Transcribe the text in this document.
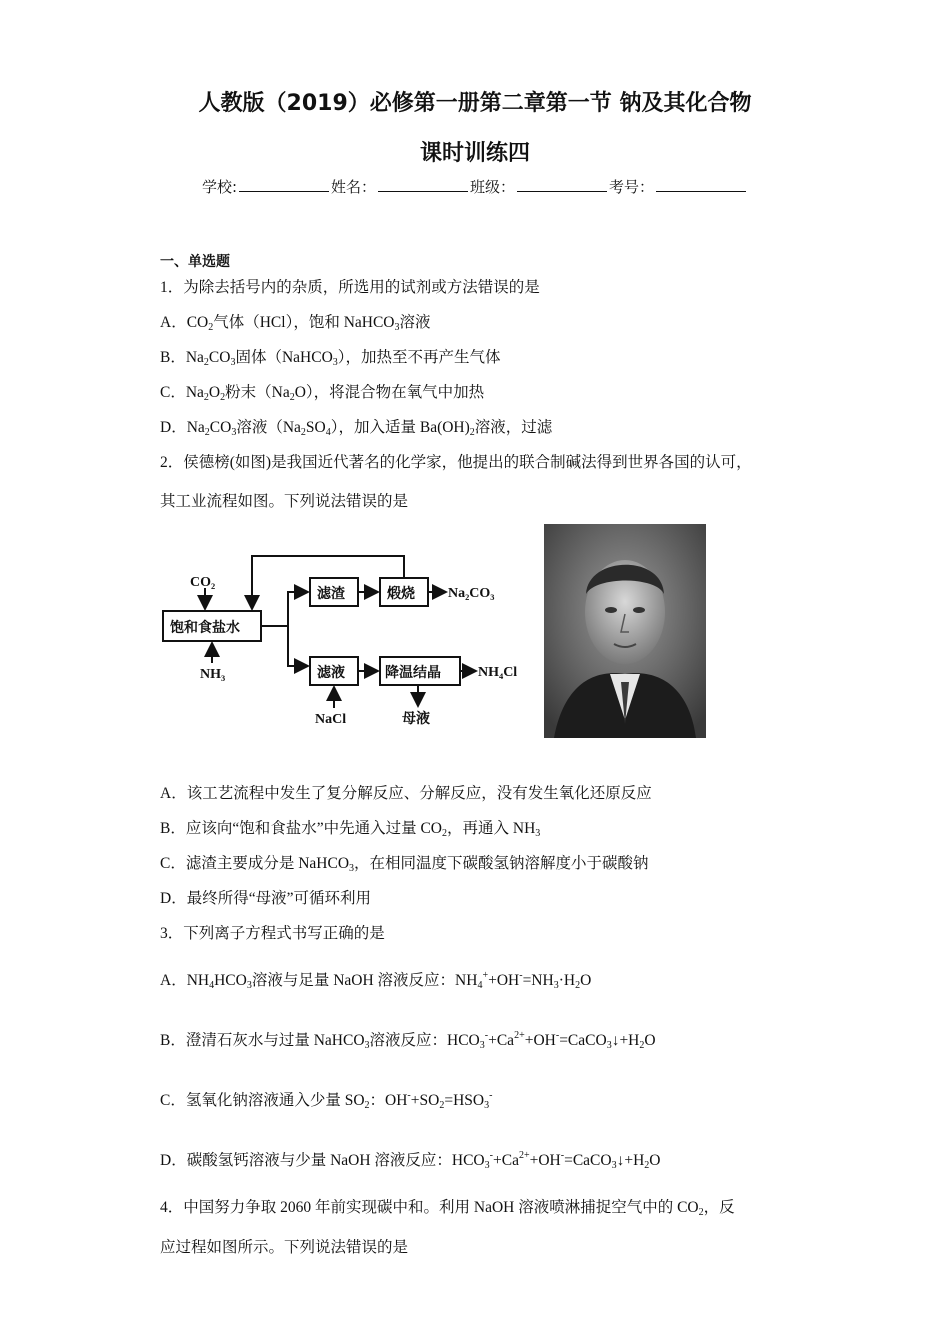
人教版（2019）必修第一册第二章第一节 钠及其化合物
课时训练四
学校:	姓名：	班级：	考号：
一、单选题
1．为除去括号内的杂质，所选用的试剂或方法错误的是
A．$CO_2$气体（HCl），饱和 NaHCO$_3$溶液
B．$Na_2CO_3$固体（NaHCO$_3$），加热至不再产生气体
C．$Na_2O_2$粉末$(Na_2O)$，将混合物在氧气中加热
D．$Na_2CO_3$溶液$(Na_2SO_4)$，加入适量 $Ba(OH)_2$溶液，过滤
2．侯德榜(如图)是我国近代著名的化学家，他提出的联合制碱法得到世界各国的认可，
其工业流程如图。下列说法错误的是
CO₂
饱和食盐水
NH₃
滤渣	煅烧 Na₂CO₃
滤液	降温结晶	NH₄Cl
NaCl	母液
A．该工艺流程中发生了复分解反应、分解反应，没有发生氧化还原反应
B．应该向“饱和食盐水”中先通入过量 $CO_2$，再通入 $NH_3$
C．滤渣主要成分是 NaHCO$_3$，在相同温度下碳酸氢钠溶解度小于碳酸钠
D．最终所得“母液”可循环利用
3．下列离子方程式书写正确的是
A．$NH_4HCO_3$溶液与足量 NaOH 溶液反应：$NH_4^++OH^-=NH_3\cdot H_2O$
B．澄清石灰水与过量 NaHCO$_3$溶液反应：$HCO_3^-+Ca^{2+}+OH^-=CaCO_3↓+H_2O$
C．氢氧化钠溶液通入少量 $SO_2$：$OH^-+SO_2=HSO_3^-$
D．碳酸氢钙溶液与少量 NaOH 溶液反应：$HCO_3^-+Ca^{2+}+OH^-=CaCO_3↓+H_2O$
4．中国努力争取 2060 年前实现碳中和。利用 NaOH 溶液喷淋捕捉空气中的 $CO_2$，反
应过程如图所示。下列说法错误的是
